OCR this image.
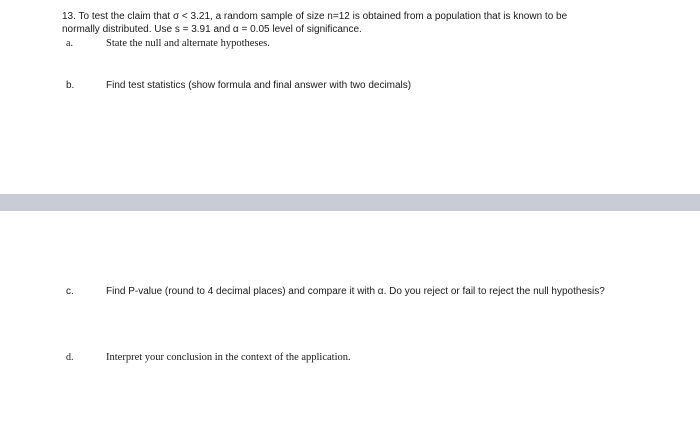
13. To test the claim that σ < 3.21, a random sample of size n=12 is obtained from a population that is known to be
normally distributed. Use s = 3.91 and α = 0.05 level of significance.
a.	State the null and alternate hypotheses.
b.	Find test statistics (show formula and final answer with two decimals)
c.	Find P-value (round to 4 decimal places) and compare it with α. Do you reject or fail to reject the null hypothesis?
d.	Interpret your conclusion in the context of the application.
